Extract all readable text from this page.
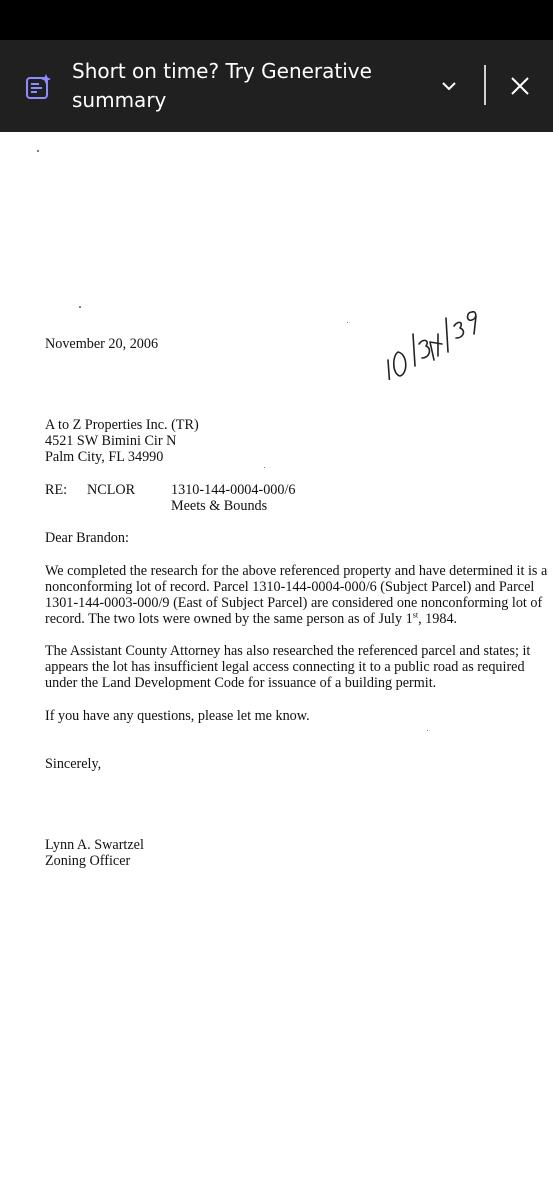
Short on time? Try Generative summary
November 20, 2006
A to Z Properties Inc. (TR)
4521 SW Bimini Cir N
Palm City, FL 34990
RE: NCLOR	1310-144-0004-000/6
Meets & Bounds
Dear Brandon:
We completed the research for the above referenced property and have determined it is a
nonconforming lot of record. Parcel 1310-144-0004-000/6 (Subject Parcel) and Parcel
1301-144-0003-000/9 (East of Subject Parcel) are considered one nonconforming lot of
record. The two lots were owned by the same person as of July 1st, 1984.
The Assistant County Attorney has also researched the referenced parcel and states; it
appears the lot has insufficient legal access connecting it to a public road as required
under the Land Development Code for issuance of a building permit.
If you have any questions, please let me know.
Sincerely,
Lynn A. Swartzel
Zoning Officer
